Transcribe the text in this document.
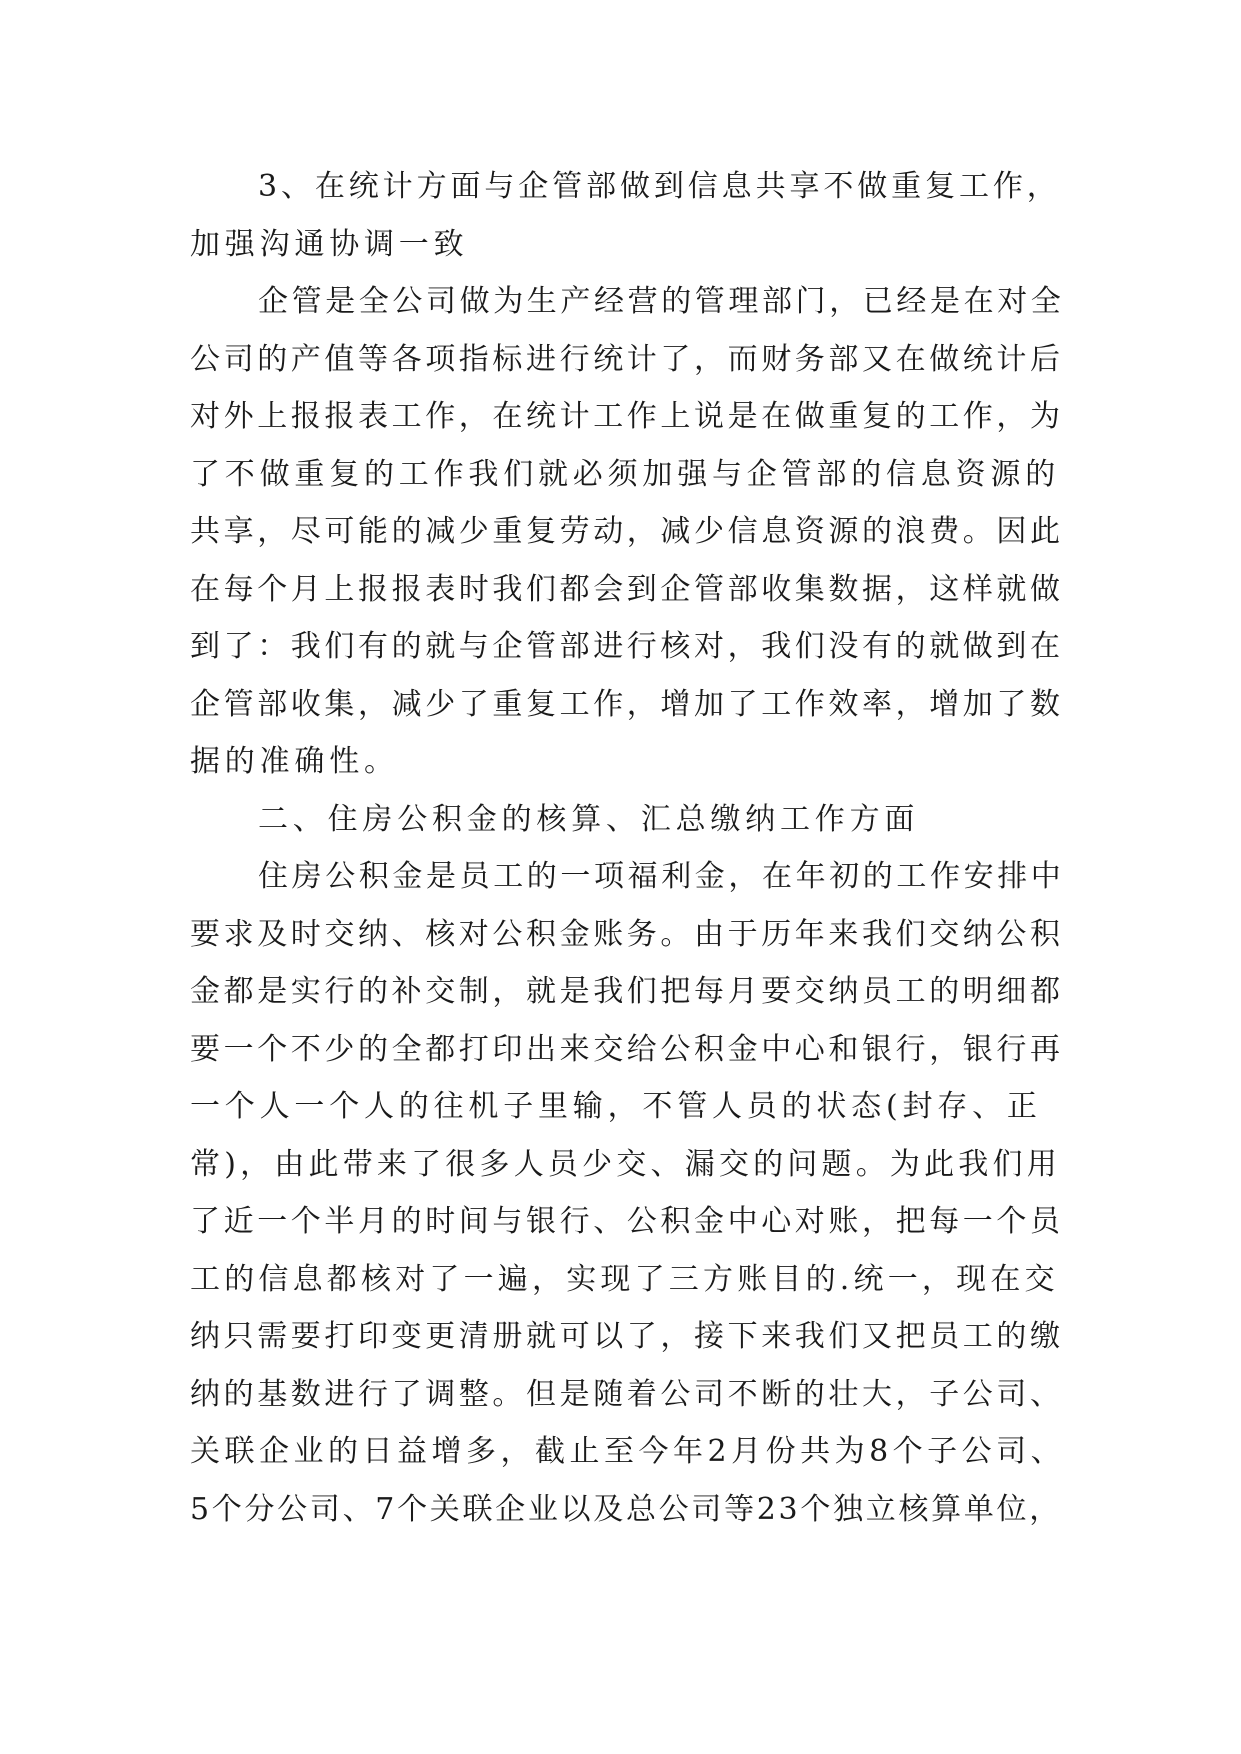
3、在统计方面与企管部做到信息共享不做重复工作，
加强沟通协调一致
企管是全公司做为生产经营的管理部门，已经是在对全
公司的产值等各项指标进行统计了，而财务部又在做统计后
对外上报报表工作，在统计工作上说是在做重复的工作，为
了不做重复的工作我们就必须加强与企管部的信息资源的
共享，尽可能的减少重复劳动，减少信息资源的浪费。因此
在每个月上报报表时我们都会到企管部收集数据，这样就做
到了：我们有的就与企管部进行核对，我们没有的就做到在
企管部收集，减少了重复工作，增加了工作效率，增加了数
据的准确性。
二、住房公积金的核算、汇总缴纳工作方面
住房公积金是员工的一项福利金，在年初的工作安排中
要求及时交纳、核对公积金账务。由于历年来我们交纳公积
金都是实行的补交制，就是我们把每月要交纳员工的明细都
要一个不少的全都打印出来交给公积金中心和银行，银行再
一个人一个人的往机子里输，不管人员的状态(封存、正
常)，由此带来了很多人员少交、漏交的问题。为此我们用
了近一个半月的时间与银行、公积金中心对账，把每一个员
工的信息都核对了一遍，实现了三方账目的.统一，现在交
纳只需要打印变更清册就可以了，接下来我们又把员工的缴
纳的基数进行了调整。但是随着公司不断的壮大，子公司、
关联企业的日益增多，截止至今年2月份共为8个子公司、
5个分公司、7个关联企业以及总公司等23个独立核算单位，
